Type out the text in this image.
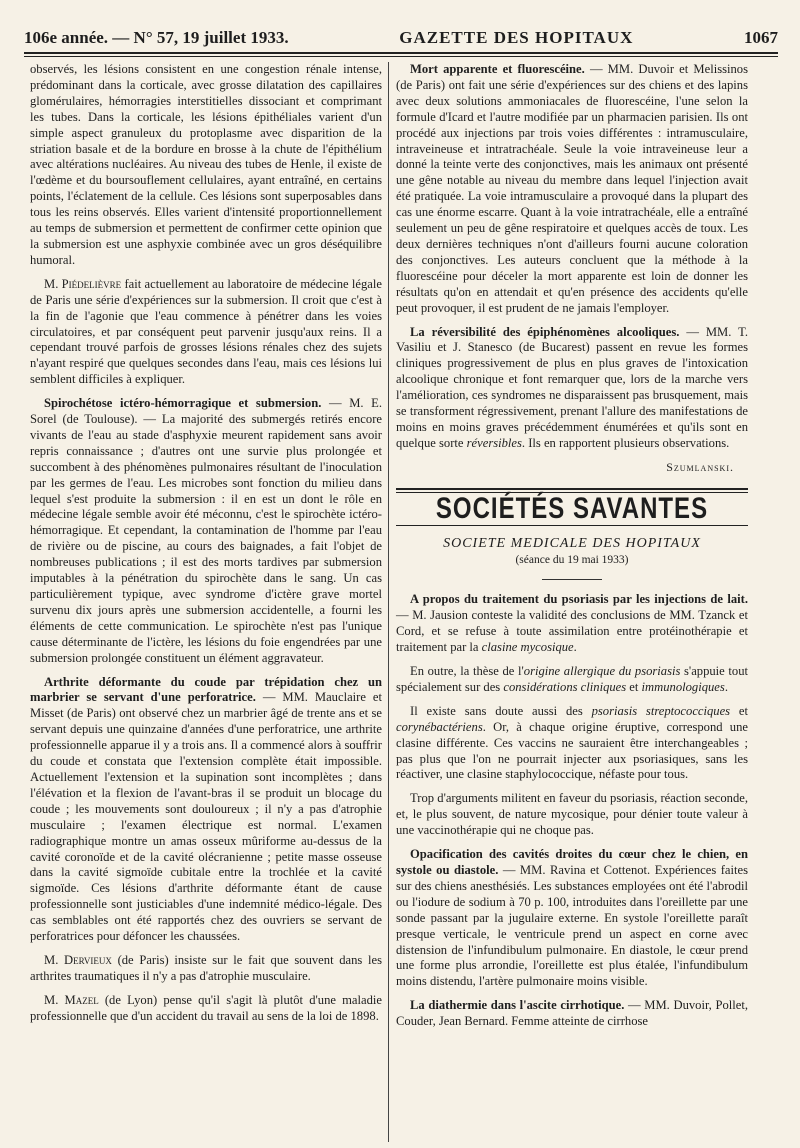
106e année. — N° 57, 19 juillet 1933.	GAZETTE DES HOPITAUX	1067

observés, les lésions consistent en une congestion rénale intense, prédominant dans la corticale, avec grosse dilatation des capillaires glomérulaires, hémorragies interstitielles dissociant et comprimant les tubes. Dans la corticale, les lésions épithéliales varient d'un simple aspect granuleux du protoplasme avec disparition de la striation basale et de la bordure en brosse à la chute de l'épithélium avec altérations nucléaires. Au niveau des tubes de Henle, il existe de l'œdème et du boursouflement cellulaires, ayant entraîné, en certains points, l'éclatement de la cellule. Ces lésions sont superposables dans tous les reins observés. Elles varient d'intensité proportionnellement au temps de submersion et permettent de confirmer cette opinion que la submersion est une asphyxie combinée avec un gros déséquilibre humoral.

M. Piédelièvre fait actuellement au laboratoire de médecine légale de Paris une série d'expériences sur la submersion. Il croit que c'est à la fin de l'agonie que l'eau commence à pénétrer dans les voies circulatoires, et par conséquent peut parvenir jusqu'aux reins. Il a cependant trouvé parfois de grosses lésions rénales chez des sujets n'ayant respiré que quelques secondes dans l'eau, mais ces lésions lui semblent difficiles à expliquer.

Spirochétose ictéro-hémorragique et submersion. — M. E. Sorel (de Toulouse). — La majorité des submergés retirés encore vivants de l'eau au stade d'asphyxie meurent rapidement sans avoir repris connaissance ; d'autres ont une survie plus prolongée et succombent à des phénomènes pulmonaires résultant de l'inoculation par les germes de l'eau. Les microbes sont fonction du milieu dans lequel s'est produite la submersion : il en est un dont le rôle en médecine légale semble avoir été méconnu, c'est le spirochète ictéro-hémorragique. Et cependant, la contamination de l'homme par l'eau de rivière ou de piscine, au cours des baignades, a fait l'objet de nombreuses publications ; il est des morts tardives par submersion imputables à la pénétration du spirochète dans le sang. Un cas particulièrement typique, avec syndrome d'ictère grave mortel survenu dix jours après une submersion accidentelle, a fourni les éléments de cette communication. Le spirochète n'est pas l'unique cause déterminante de l'ictère, les lésions du foie engendrées par une submersion prolongée constituent un élément aggravateur.

Arthrite déformante du coude par trépidation chez un marbrier se servant d'une perforatrice. — MM. Mauclaire et Misset (de Paris) ont observé chez un marbrier âgé de trente ans et se servant depuis une quinzaine d'années d'une perforatrice, une arthrite professionnelle apparue il y a trois ans. Il a commencé alors à souffrir du coude et constata que l'extension complète était impossible. Actuellement l'extension et la supination sont incomplètes ; dans l'élévation et la flexion de l'avant-bras il se produit un blocage du coude ; les mouvements sont douloureux ; il n'y a pas d'atrophie musculaire ; l'examen électrique est normal. L'examen radiographique montre un amas osseux mûriforme au-dessus de la cavité coronoïde et de la cavité olécranienne ; petite masse osseuse dans la cavité sigmoïde cubitale entre la trochlée et la cavité sigmoïde. Ces lésions d'arthrite déformante étant de cause professionnelle sont justiciables d'une indemnité médico-légale. Des cas semblables ont été rapportés chez des ouvriers se servant de perforatrices pour défoncer les chaussées.

M. Dervieux (de Paris) insiste sur le fait que souvent dans les arthrites traumatiques il n'y a pas d'atrophie musculaire.

M. Mazel (de Lyon) pense qu'il s'agit là plutôt d'une maladie professionnelle que d'un accident du travail au sens de la loi de 1898.

Mort apparente et fluorescéine. — MM. Duvoir et Melissinos (de Paris) ont fait une série d'expériences sur des chiens et des lapins avec deux solutions ammoniacales de fluorescéine, l'une selon la formule d'Icard et l'autre modifiée par un pharmacien parisien. Ils ont procédé aux injections par trois voies différentes : intramusculaire, intraveineuse et intratrachéale. Seule la voie intraveineuse leur a donné la teinte verte des conjonctives, mais les animaux ont présenté une gêne notable au niveau du membre dans lequel l'injection avait été pratiquée. La voie intramusculaire a provoqué dans la plupart des cas une énorme escarre. Quant à la voie intratrachéale, elle a entraîné seulement un peu de gêne respiratoire et quelques accès de toux. Les deux dernières techniques n'ont d'ailleurs fourni aucune coloration des conjonctives. Les auteurs concluent que la méthode à la fluorescéine pour déceler la mort apparente est loin de donner les résultats qu'on en attendait et qu'en présence des accidents qu'elle peut provoquer, il est prudent de ne jamais l'employer.

La réversibilité des épiphénomènes alcooliques. — MM. T. Vasiliu et J. Stanesco (de Bucarest) passent en revue les formes cliniques progressivement de plus en plus graves de l'intoxication alcoolique chronique et font remarquer que, lors de la marche vers l'amélioration, ces syndromes ne disparaissent pas brusquement, mais se transforment régressivement, prenant l'allure des manifestations de moins en moins graves précédemment énumérées et qu'ils sont en quelque sorte réversibles. Ils en rapportent plusieurs observations.

Szumlanski.
SOCIÉTÉS SAVANTES
SOCIETE MEDICALE DES HOPITAUX
(séance du 19 mai 1933)

A propos du traitement du psoriasis par les injections de lait. — M. Jausion conteste la validité des conclusions de MM. Tzanck et Cord, et se refuse à toute assimilation entre protéinothérapie et traitement par la clasine mycosique.

En outre, la thèse de l'origine allergique du psoriasis s'appuie tout spécialement sur des considérations cliniques et immunologiques.

Il existe sans doute aussi des psoriasis streptococciques et corynébactériens. Or, à chaque origine éruptive, correspond une clasine différente. Ces vaccins ne sauraient être interchangeables ; pas plus que l'on ne pourrait injecter aux psoriasiques, sans les réactiver, une clasine staphylococcique, néfaste pour tous.

Trop d'arguments militent en faveur du psoriasis, réaction seconde, et, le plus souvent, de nature mycosique, pour dénier toute valeur à une vaccinothérapie qui ne choque pas.

Opacification des cavités droites du cœur chez le chien, en systole ou diastole. — MM. Ravina et Cottenot. Expériences faites sur des chiens anesthésiés. Les substances employées ont été l'abrodil ou l'iodure de sodium à 70 p. 100, introduites dans l'oreillette par une sonde passant par la jugulaire externe. En systole l'oreillette paraît presque verticale, le ventricule prend un aspect en corne avec distension de l'infundibulum pulmonaire. En diastole, le cœur prend une forme plus arrondie, l'oreillette est plus étalée, l'infundibulum moins distendu, l'artère pulmonaire moins visible.

La diathermie dans l'ascite cirrhotique. — MM. Duvoir, Pollet, Couder, Jean Bernard. Femme atteinte de cirrhose
